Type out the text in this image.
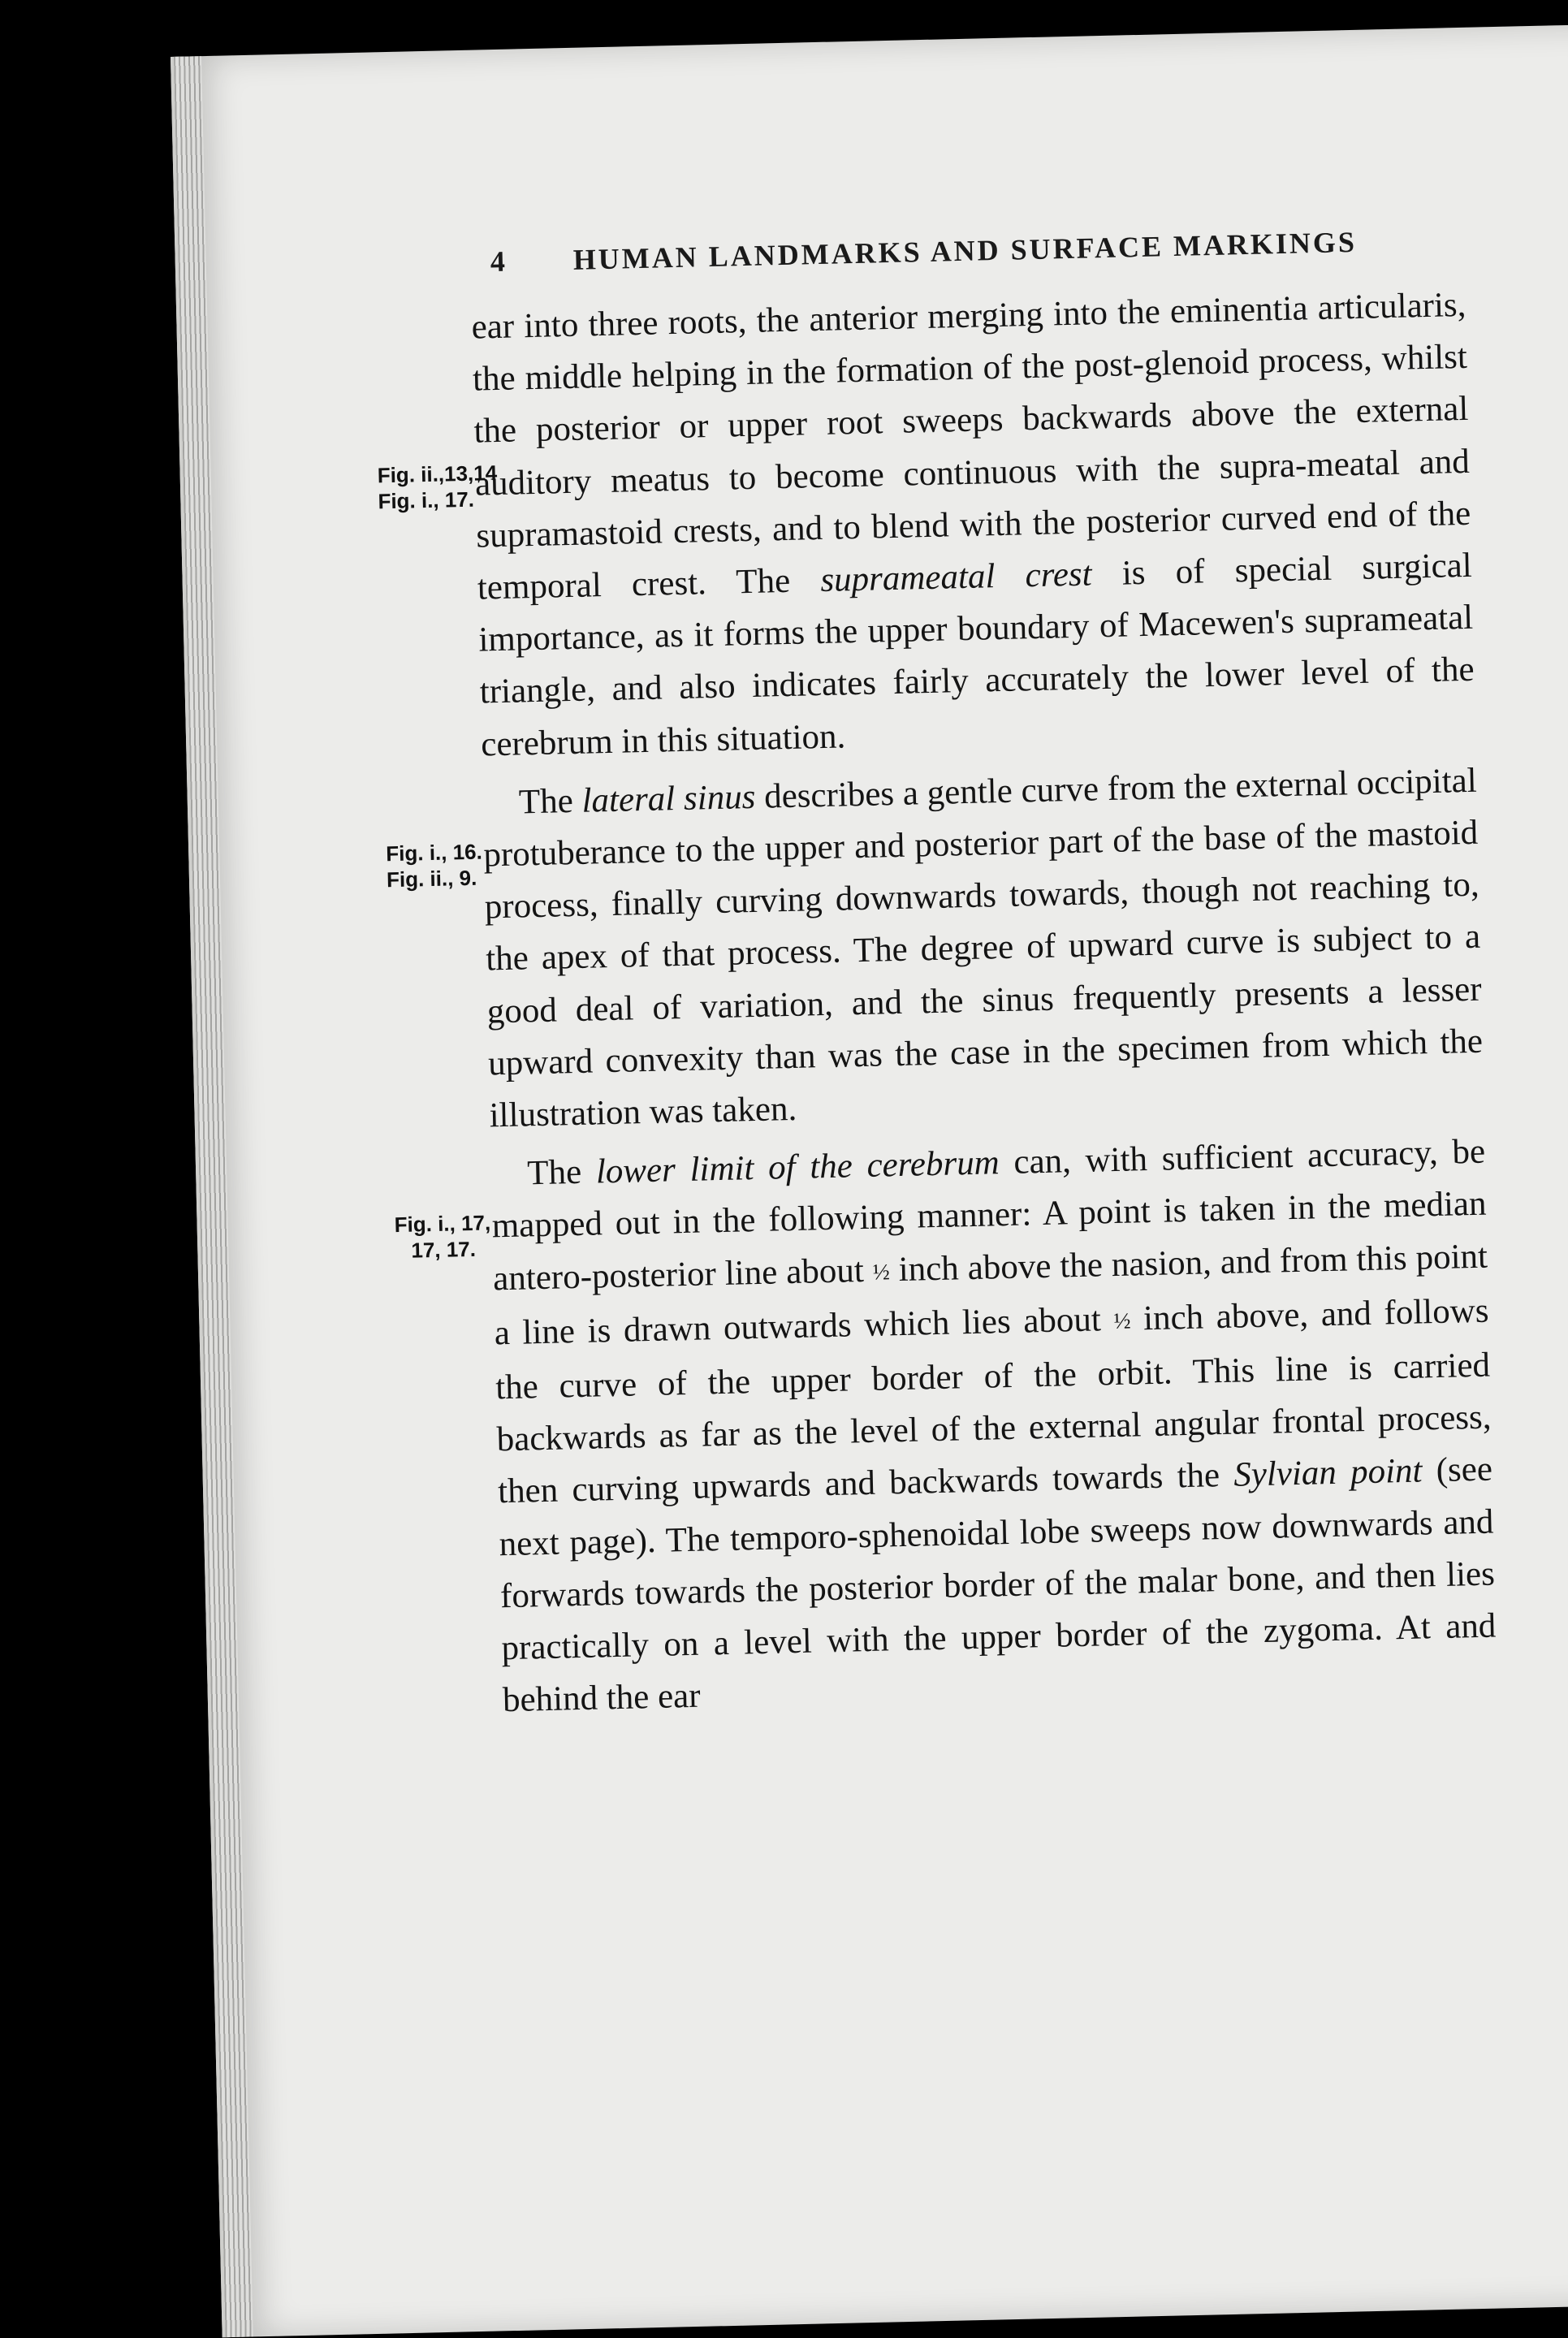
4 HUMAN LANDMARKS AND SURFACE MARKINGS

ear into three roots, the anterior merging into the eminentia articularis, the middle helping in the formation of the post-glenoid process, whilst the posterior or upper root
Fig. ii.,13,14
Fig. i., 17.
sweeps backwards above the external auditory meatus to become continuous with the supra-meatal and supramastoid crests, and to blend with the posterior curved end of the temporal crest. The suprameatal crest is of special surgical importance, as it forms the upper boundary of Macewen's suprameatal triangle, and also indicates fairly accurately the lower level of the cerebrum in this situation.

The lateral sinus describes a gentle curve from the
Fig. i., 16.
Fig. ii., 9.
external occipital protuberance to the upper and posterior part of the base of the mastoid process, finally curving downwards towards, though not reaching to, the apex of that process. The degree of upward curve is subject to a good deal of variation, and the sinus frequently presents a lesser upward convexity than was the case in the specimen from which the illustration was taken.

The lower limit of the cerebrum can, with sufficient
Fig. i., 17,
17, 17.
accuracy, be mapped out in the following manner: A point is taken in the median antero-posterior line about ½ inch above the nasion, and from this point a line is drawn outwards which lies about ½ inch above, and follows the curve of the upper border of the orbit. This line is carried backwards as far as the level of the external angular frontal process, then curving upwards and backwards towards the Sylvian point (see next page). The temporo-sphenoidal lobe sweeps now downwards and forwards towards the posterior border of the malar bone, and then lies practically on a level with the upper border of the zygoma. At and behind the ear
